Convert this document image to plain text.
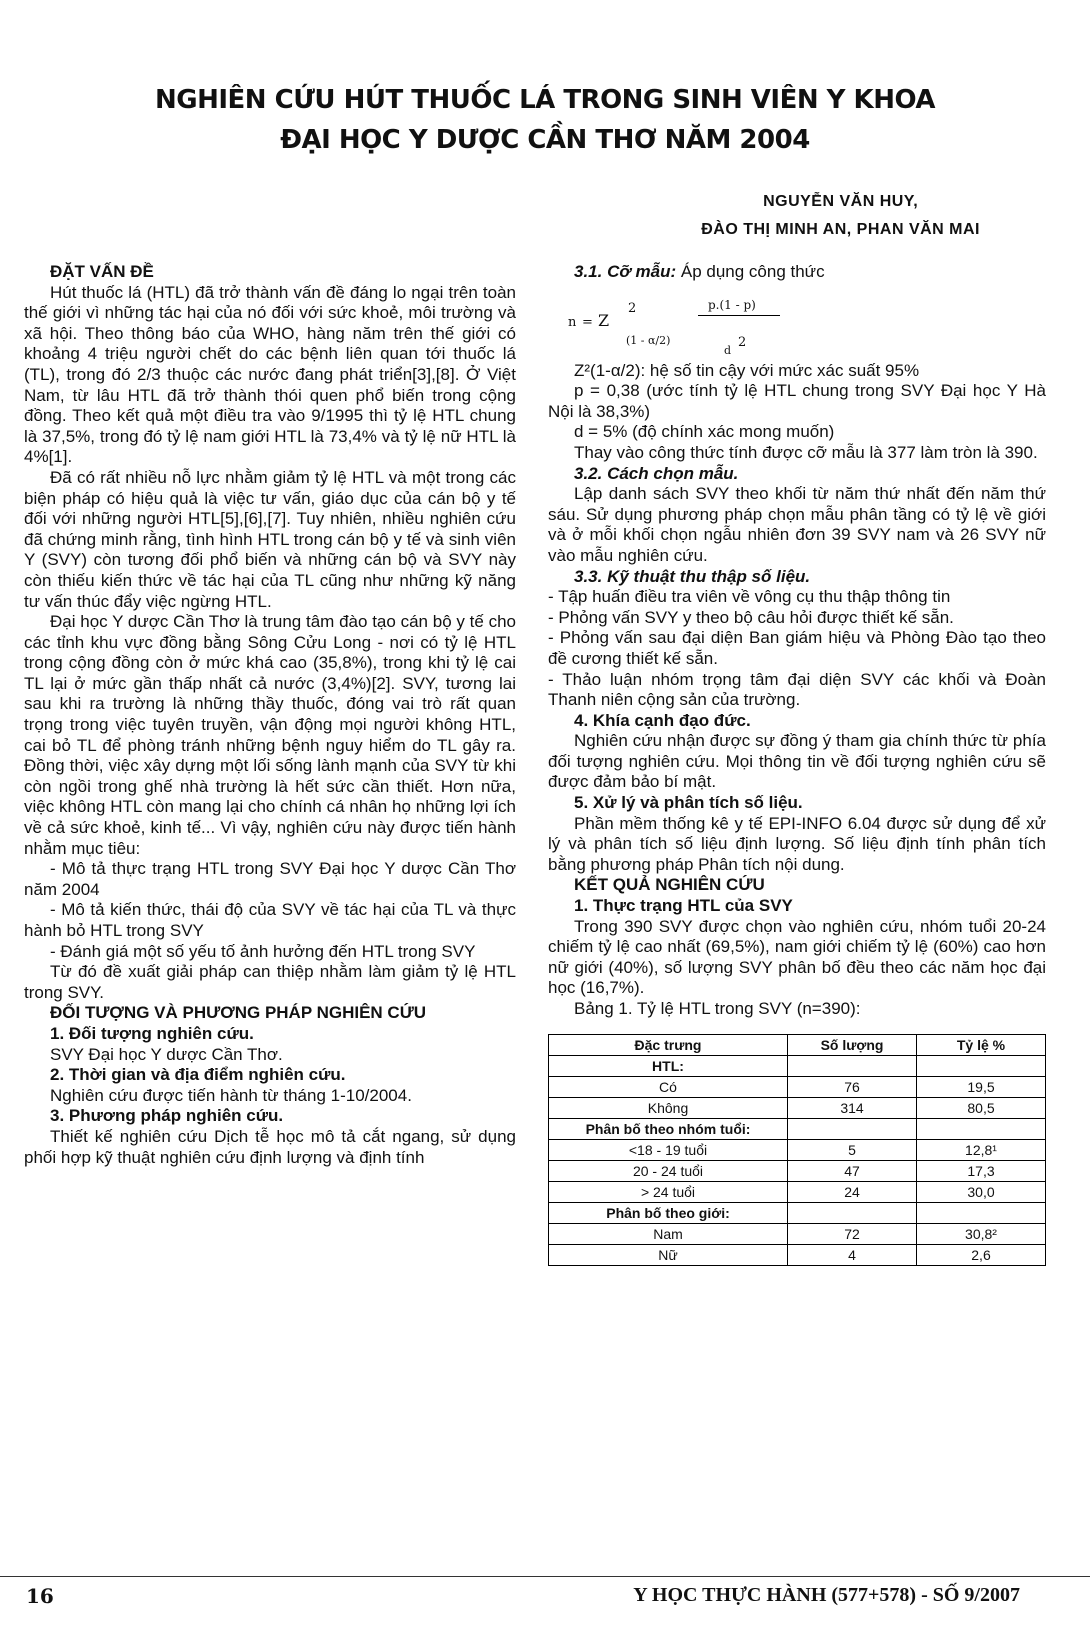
NGHIÊN CỨU HÚT THUỐC LÁ TRONG SINH VIÊN Y KHOA
ĐẠI HỌC Y DƯỢC CẦN THƠ NĂM 2004
NGUYỄN VĂN HUY,
ĐÀO THỊ MINH AN, PHAN VĂN MAI

ĐẶT VẤN ĐỀ

Hút thuốc lá (HTL) đã trở thành vấn đề đáng lo ngại trên toàn thế giới vì những tác hại của nó đối với sức khoẻ, môi trường và xã hội. Theo thông báo của WHO, hàng năm trên thế giới có khoảng 4 triệu người chết do các bệnh liên quan tới thuốc lá (TL), trong đó 2/3 thuộc các nước đang phát triển[3],[8]. Ở Việt Nam, từ lâu HTL đã trở thành thói quen phổ biến trong cộng đồng. Theo kết quả một điều tra vào 9/1995 thì tỷ lệ HTL chung là 37,5%, trong đó tỷ lệ nam giới HTL là 73,4% và tỷ lệ nữ HTL là 4%[1].

Đã có rất nhiều nỗ lực nhằm giảm tỷ lệ HTL và một trong các biện pháp có hiệu quả là việc tư vấn, giáo dục của cán bộ y tế đối với những người HTL[5],[6],[7]. Tuy nhiên, nhiều nghiên cứu đã chứng minh rằng, tình hình HTL trong cán bộ y tế và sinh viên Y (SVY) còn tương đối phổ biến và những cán bộ và SVY này còn thiếu kiến thức về tác hại của TL cũng như những kỹ năng tư vấn thúc đẩy việc ngừng HTL.

Đại học Y dược Cần Thơ là trung tâm đào tạo cán bộ y tế cho các tỉnh khu vực đồng bằng Sông Cửu Long - nơi có tỷ lệ HTL trong cộng đồng còn ở mức khá cao (35,8%), trong khi tỷ lệ cai TL lại ở mức gần thấp nhất cả nước (3,4%)[2]. SVY, tương lai sau khi ra trường là những thầy thuốc, đóng vai trò rất quan trọng trong việc tuyên truyền, vận động mọi người không HTL, cai bỏ TL để phòng tránh những bệnh nguy hiểm do TL gây ra. Đồng thời, việc xây dựng một lối sống lành mạnh của SVY từ khi còn ngồi trong ghế nhà trường là hết sức cần thiết. Hơn nữa, việc không HTL còn mang lại cho chính cá nhân họ những lợi ích về cả sức khoẻ, kinh tế... Vì vậy, nghiên cứu này được tiến hành nhằm mục tiêu:

- Mô tả thực trạng HTL trong SVY Đại học Y dược Cần Thơ năm 2004

- Mô tả kiến thức, thái độ của SVY về tác hại của TL và thực hành bỏ HTL trong SVY

- Đánh giá một số yếu tố ảnh hưởng đến HTL trong SVY

Từ đó đề xuất giải pháp can thiệp nhằm làm giảm tỷ lệ HTL trong SVY.

ĐỐI TƯỢNG VÀ PHƯƠNG PHÁP NGHIÊN CỨU

1. Đối tượng nghiên cứu.

SVY Đại học Y dược Cần Thơ.

2. Thời gian và địa điểm nghiên cứu.

Nghiên cứu được tiến hành từ tháng 1-10/2004.

3. Phương pháp nghiên cứu.

Thiết kế nghiên cứu Dịch tễ học mô tả cắt ngang, sử dụng phối hợp kỹ thuật nghiên cứu định lượng và định tính

3.1. Cỡ mẫu: Áp dụng công thức

n = Z
2
(1 - α/2)
p.(1 - p)
d
2

Z²(1-α/2): hệ số tin cậy với mức xác suất 95%

p = 0,38 (ước tính tỷ lệ HTL chung trong SVY Đại học Y Hà Nội là 38,3%)

d = 5% (độ chính xác mong muốn)

Thay vào công thức tính được cỡ mẫu là 377 làm tròn là 390.

3.2. Cách chọn mẫu.

Lập danh sách SVY theo khối từ năm thứ nhất đến năm thứ sáu. Sử dụng phương pháp chọn mẫu phân tầng có tỷ lệ về giới và ở mỗi khối chọn ngẫu nhiên đơn 39 SVY nam và 26 SVY nữ vào mẫu nghiên cứu.

3.3. Kỹ thuật thu thập số liệu.

- Tập huấn điều tra viên về vông cụ thu thập thông tin

- Phỏng vấn SVY y theo bộ câu hỏi được thiết kế sẵn.

- Phỏng vấn sau đại diện Ban giám hiệu và Phòng Đào tạo theo đề cương thiết kế sẵn.

- Thảo luận nhóm trọng tâm đại diện SVY các khối và Đoàn Thanh niên cộng sản của trường.

4. Khía cạnh đạo đức.

Nghiên cứu nhận được sự đồng ý tham gia chính thức từ phía đối tượng nghiên cứu. Mọi thông tin về đối tượng nghiên cứu sẽ được đảm bảo bí mật.

5. Xử lý và phân tích số liệu.

Phần mềm thống kê y tế EPI-INFO 6.04 được sử dụng để xử lý và phân tích số liệu định lượng. Số liệu định tính phân tích bằng phương pháp Phân tích nội dung.

KẾT QUẢ NGHIÊN CỨU

1. Thực trạng HTL của SVY

Trong 390 SVY được chọn vào nghiên cứu, nhóm tuổi 20-24 chiếm tỷ lệ cao nhất (69,5%), nam giới chiếm tỷ lệ (60%) cao hơn nữ giới (40%), số lượng SVY phân bố đều theo các năm học đại học (16,7%).

Bảng 1. Tỷ lệ HTL trong SVY (n=390):

Đặc trưng	Số lượng	Tỷ lệ %
HTL:		
Có	76	19,5
Không	314	80,5
Phân bố theo nhóm tuổi:		
<18 - 19 tuổi	5	12,8¹
20 - 24 tuổi	47	17,3
> 24 tuổi	24	30,0
Phân bố theo giới:		
Nam	72	30,8²
Nữ	4	2,6
16	Y HỌC THỰC HÀNH (577+578) - SỐ 9/2007
